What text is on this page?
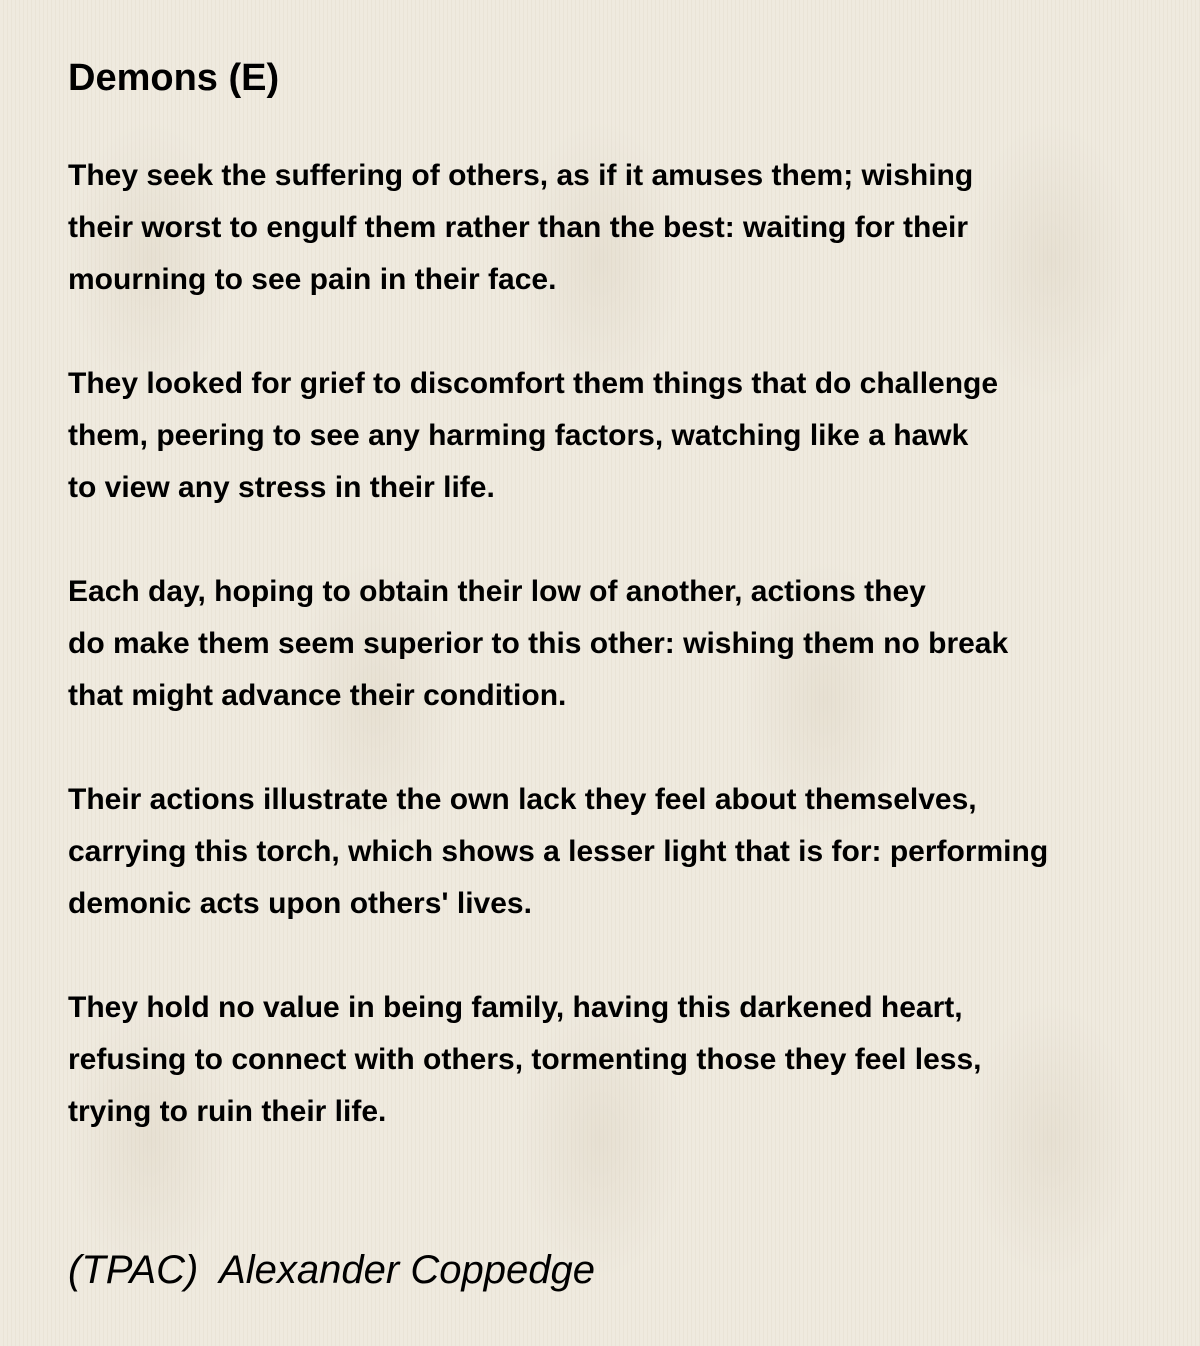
Demons (E)
They seek the suffering of others, as if it amuses them; wishing
their worst to engulf them rather than the best: waiting for their
mourning to see pain in their face.
They looked for grief to discomfort them things that do challenge
them, peering to see any harming factors, watching like a hawk
to view any stress in their life.
Each day, hoping to obtain their low of another, actions they
do make them seem superior to this other: wishing them no break
that might advance their condition.
Their actions illustrate the own lack they feel about themselves,
carrying this torch, which shows a lesser light that is for: performing
demonic acts upon others' lives.
They hold no value in being family, having this darkened heart,
refusing to connect with others, tormenting those they feel less,
trying to ruin their life.
(TPAC)  Alexander Coppedge
